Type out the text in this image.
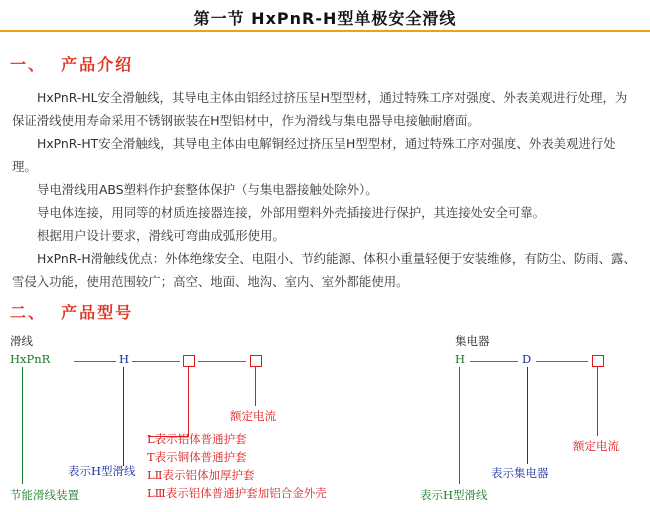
第一节 HxPnR-H型单极安全滑线
一、  产品介绍

HxPnR-HL安全滑触线，其导电主体由铝经过挤压呈H型型材，通过特殊工序对强度、外表美观进行处理，为保证滑线使用寿命采用不锈钢嵌装在H型铝材中，作为滑线与集电器导电接触耐磨面。

HxPnR-HT安全滑触线，其导电主体由电解铜经过挤压呈H型型材，通过特殊工序对强度、外表美观进行处理。

导电滑线用ABS塑料作护套整体保护（与集电器接触处除外）。

导电体连接，用同等的材质连接器连接，外部用塑料外壳插接进行保护，其连接处安全可靠。

根据用户设计要求，滑线可弯曲成弧形使用。

HxPnR-H滑触线优点：外体绝缘安全、电阻小、节约能源、体积小重量轻便于安装维修，有防尘、防雨、露、雪侵入功能，使用范围较广；高空、地面、地沟、室内、室外都能使用。

二、  产品型号
滑线
HxPnR	H
额定电流
L表示铝体普通护套
T表示铜体普通护套
LⅡ表示铝体加厚护套
LⅢ表示铝体普通护套加铝合金外壳
表示H型滑线
节能滑线装置
集电器
H	D
额定电流
表示集电器
表示H型滑线
